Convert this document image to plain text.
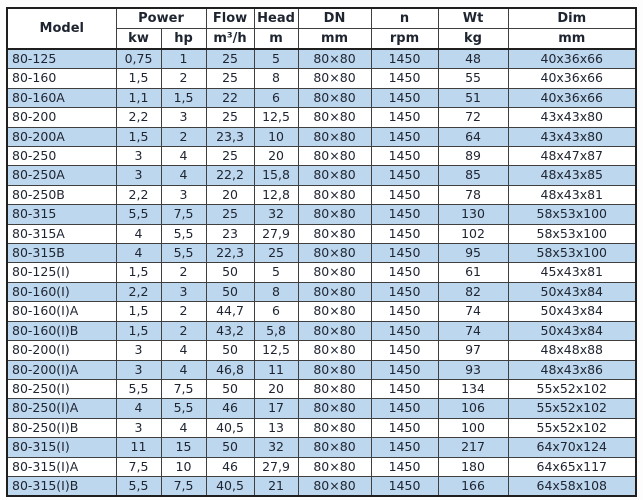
Model	Power		Flow	Head	DN	n	Wt	Dim
	kw	hp	m³/h	m	mm	rpm	kg	mm
80-125	0,75	1	25	5	80×80	1450	48	40x36x66
80-160	1,5	2	25	8	80×80	1450	55	40x36x66
80-160A	1,1	1,5	22	6	80×80	1450	51	40x36x66
80-200	2,2	3	25	12,5	80×80	1450	72	43x43x80
80-200A	1,5	2	23,3	10	80×80	1450	64	43x43x80
80-250	3	4	25	20	80×80	1450	89	48x47x87
80-250A	3	4	22,2	15,8	80×80	1450	85	48x43x85
80-250B	2,2	3	20	12,8	80×80	1450	78	48x43x81
80-315	5,5	7,5	25	32	80×80	1450	130	58x53x100
80-315A	4	5,5	23	27,9	80×80	1450	102	58x53x100
80-315B	4	5,5	22,3	25	80×80	1450	95	58x53x100
80-125(I)	1,5	2	50	5	80×80	1450	61	45x43x81
80-160(I)	2,2	3	50	8	80×80	1450	82	50x43x84
80-160(I)A	1,5	2	44,7	6	80×80	1450	74	50x43x84
80-160(I)B	1,5	2	43,2	5,8	80×80	1450	74	50x43x84
80-200(I)	3	4	50	12,5	80×80	1450	97	48x48x88
80-200(I)A	3	4	46,8	11	80×80	1450	93	48x43x86
80-250(I)	5,5	7,5	50	20	80×80	1450	134	55x52x102
80-250(I)A	4	5,5	46	17	80×80	1450	106	55x52x102
80-250(I)B	3	4	40,5	13	80×80	1450	100	55x52x102
80-315(I)	11	15	50	32	80×80	1450	217	64x70x124
80-315(I)A	7,5	10	46	27,9	80×80	1450	180	64x65x117
80-315(I)B	5,5	7,5	40,5	21	80×80	1450	166	64x58x108
